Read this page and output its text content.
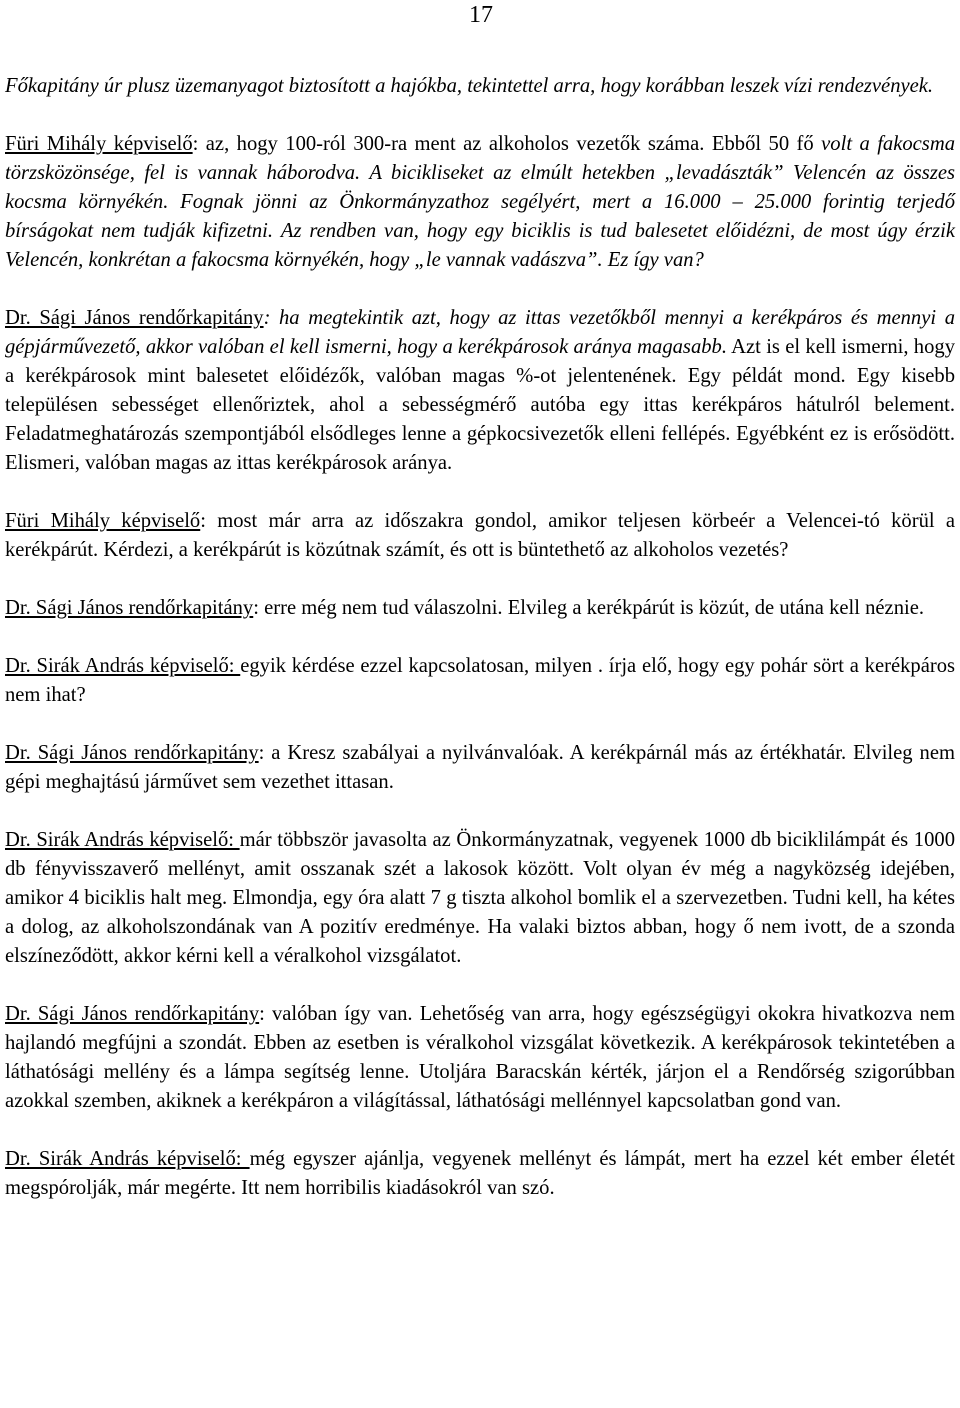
17

Főkapitány úr plusz üzemanyagot biztosított a hajókba, tekintettel arra, hogy korábban leszek vízi rendezvények.

Füri Mihály képviselő: az, hogy 100-ról 300-ra ment az alkoholos vezetők száma. Ebből 50 fő volt a fakocsma törzsközönsége, fel is vannak háborodva. A bicikliseket az elmúlt hetekben „levadászták” Velencén az összes kocsma környékén. Fognak jönni az Önkormányzathoz segélyért, mert a 16.000 – 25.000 forintig terjedő bírságokat nem tudják kifizetni. Az rendben van, hogy egy biciklis is tud balesetet előidézni, de most úgy érzik Velencén, konkrétan a fakocsma környékén, hogy „le vannak vadászva”. Ez így van?

Dr. Sági János rendőrkapitány: ha megtekintik azt, hogy az ittas vezetőkből mennyi a kerékpáros és mennyi a gépjárművezető, akkor valóban el kell ismerni, hogy a kerékpárosok aránya magasabb. Azt is el kell ismerni, hogy a kerékpárosok mint balesetet előidézők, valóban magas %-ot jelentenének. Egy példát mond. Egy kisebb településen sebességet ellenőriztek, ahol a sebességmérő autóba egy ittas kerékpáros hátulról belement. Feladatmeghatározás szempontjából elsődleges lenne a gépkocsivezetők elleni fellépés. Egyébként ez is erősödött. Elismeri, valóban magas az ittas kerékpárosok aránya.

Füri Mihály képviselő: most már arra az időszakra gondol, amikor teljesen körbeér a Velencei-tó körül a kerékpárút. Kérdezi, a kerékpárút is közútnak számít, és ott is büntethető az alkoholos vezetés?

Dr. Sági János rendőrkapitány: erre még nem tud válaszolni. Elvileg a kerékpárút is közút, de utána kell néznie.

Dr. Sirák András képviselő: egyik kérdése ezzel kapcsolatosan, milyen . írja elő, hogy egy pohár sört a kerékpáros nem ihat?

Dr. Sági János rendőrkapitány: a Kresz szabályai a nyilvánvalóak. A kerékpárnál más az értékhatár. Elvileg nem gépi meghajtású járművet sem vezethet ittasan.

Dr. Sirák András képviselő: már többször javasolta az Önkormányzatnak, vegyenek 1000 db biciklilámpát és 1000 db fényvisszaverő mellényt, amit osszanak szét a lakosok között. Volt olyan év még a nagyközség idejében, amikor 4 biciklis halt meg. Elmondja, egy óra alatt 7 g tiszta alkohol bomlik el a szervezetben. Tudni kell, ha kétes a dolog, az alkoholszondának van A pozitív eredménye. Ha valaki biztos abban, hogy ő nem ivott, de a szonda elszíneződött, akkor kérni kell a véralkohol vizsgálatot.

Dr. Sági János rendőrkapitány: valóban így van. Lehetőség van arra, hogy egészségügyi okokra hivatkozva nem hajlandó megfújni a szondát. Ebben az esetben is véralkohol vizsgálat következik. A kerékpárosok tekintetében a láthatósági mellény és a lámpa segítség lenne. Utoljára Baracskán kérték, járjon el a Rendőrség szigorúbban azokkal szemben, akiknek a kerékpáron a világítással, láthatósági mellénnyel kapcsolatban gond van.

Dr. Sirák András képviselő: még egyszer ajánlja, vegyenek mellényt és lámpát, mert ha ezzel két ember életét megspórolják, már megérte. Itt nem horribilis kiadásokról van szó.
